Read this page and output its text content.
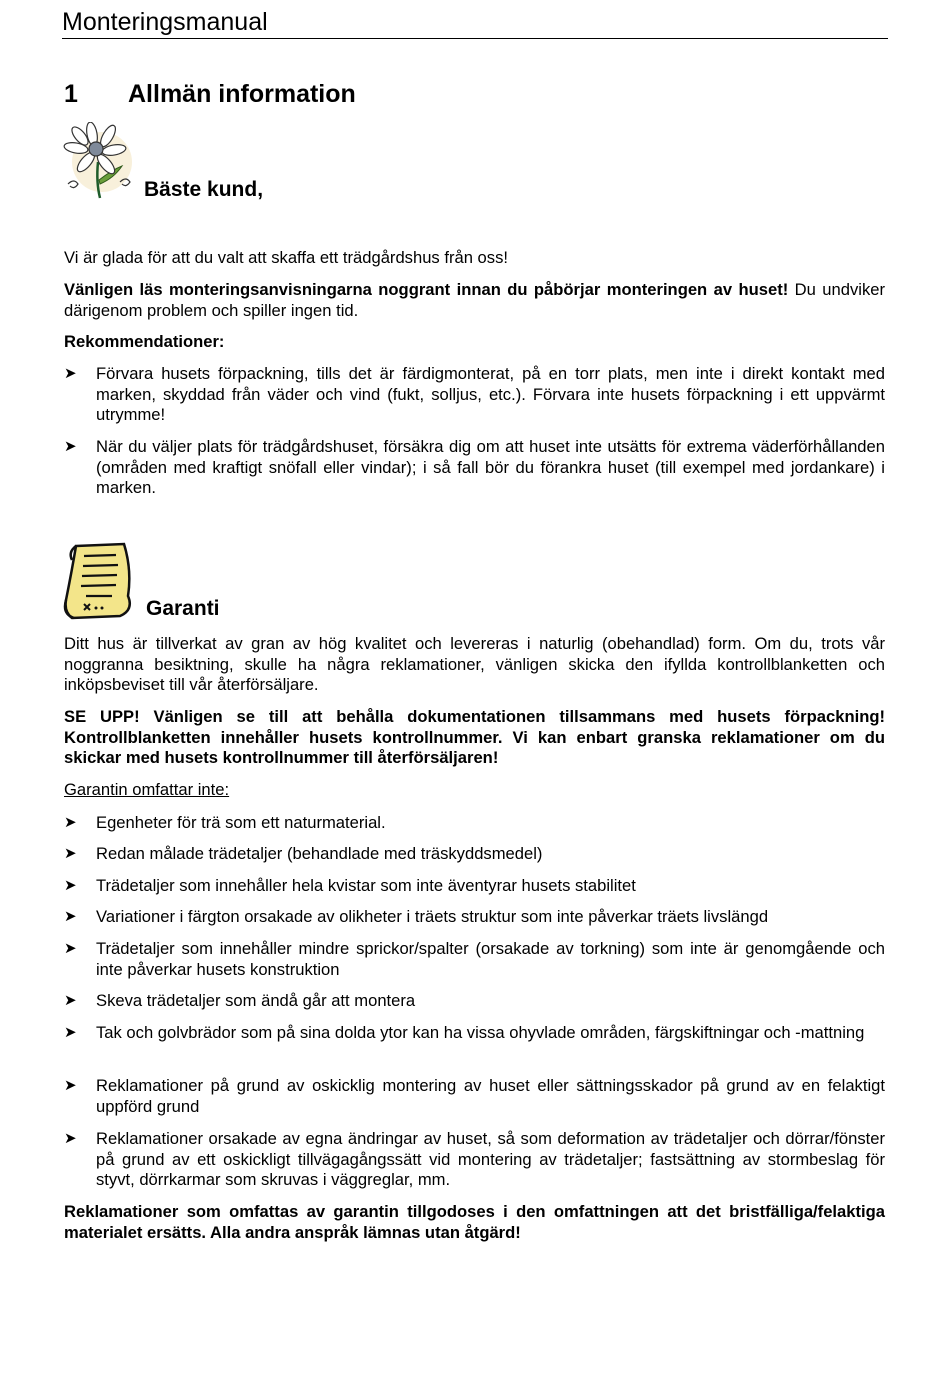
Monteringsmanual
1 Allmän information
Bäste kund,

Vi är glada för att du valt att skaffa ett trädgårdshus från oss!

Vänligen läs monteringsanvisningarna noggrant innan du påbörjar monteringen av huset! Du undviker därigenom problem och spiller ingen tid.

Rekommendationer:

➤	Förvara husets förpackning, tills det är färdigmonterat, på en torr plats, men inte i direkt kontakt med marken, skyddad från väder och vind (fukt, solljus, etc.). Förvara inte husets förpackning i ett uppvärmt utrymme!
➤	När du väljer plats för trädgårdshuset, försäkra dig om att huset inte utsätts för extrema väderförhållanden (områden med kraftigt snöfall eller vindar); i så fall bör du förankra huset (till exempel med jordankare) i marken.
Garanti

Ditt hus är tillverkat av gran av hög kvalitet och levereras i naturlig (obehandlad) form. Om du, trots vår noggranna besiktning, skulle ha några reklamationer, vänligen skicka den ifyllda kontrollblanketten och inköpsbeviset till vår återförsäljare.

SE UPP! Vänligen se till att behålla dokumentationen tillsammans med husets förpackning! Kontrollblanketten innehåller husets kontrollnummer. Vi kan enbart granska reklamationer om du skickar med husets kontrollnummer till återförsäljaren!

Garantin omfattar inte:

➤	Egenheter för trä som ett naturmaterial.
➤	Redan målade trädetaljer (behandlade med träskyddsmedel)
➤	Trädetaljer som innehåller hela kvistar som inte äventyrar husets stabilitet
➤	Variationer i färgton orsakade av olikheter i träets struktur som inte påverkar träets livslängd
➤	Trädetaljer som innehåller mindre sprickor/spalter (orsakade av torkning) som inte är genomgående och inte påverkar husets konstruktion
➤	Skeva trädetaljer som ändå går att montera
➤	Tak och golvbrädor som på sina dolda ytor kan ha vissa ohyvlade områden, färgskiftningar och -mattning
➤	Reklamationer på grund av oskicklig montering av huset eller sättningsskador på grund av en felaktigt uppförd grund
➤	Reklamationer orsakade av egna ändringar av huset, så som deformation av trädetaljer och dörrar/fönster på grund av ett oskickligt tillvägagångssätt vid montering av trädetaljer; fastsättning av stormbeslag för styvt, dörrkarmar som skruvas i väggreglar, mm.

Reklamationer som omfattas av garantin tillgodoses i den omfattningen att det bristfälliga/felaktiga materialet ersätts. Alla andra anspråk lämnas utan åtgärd!
